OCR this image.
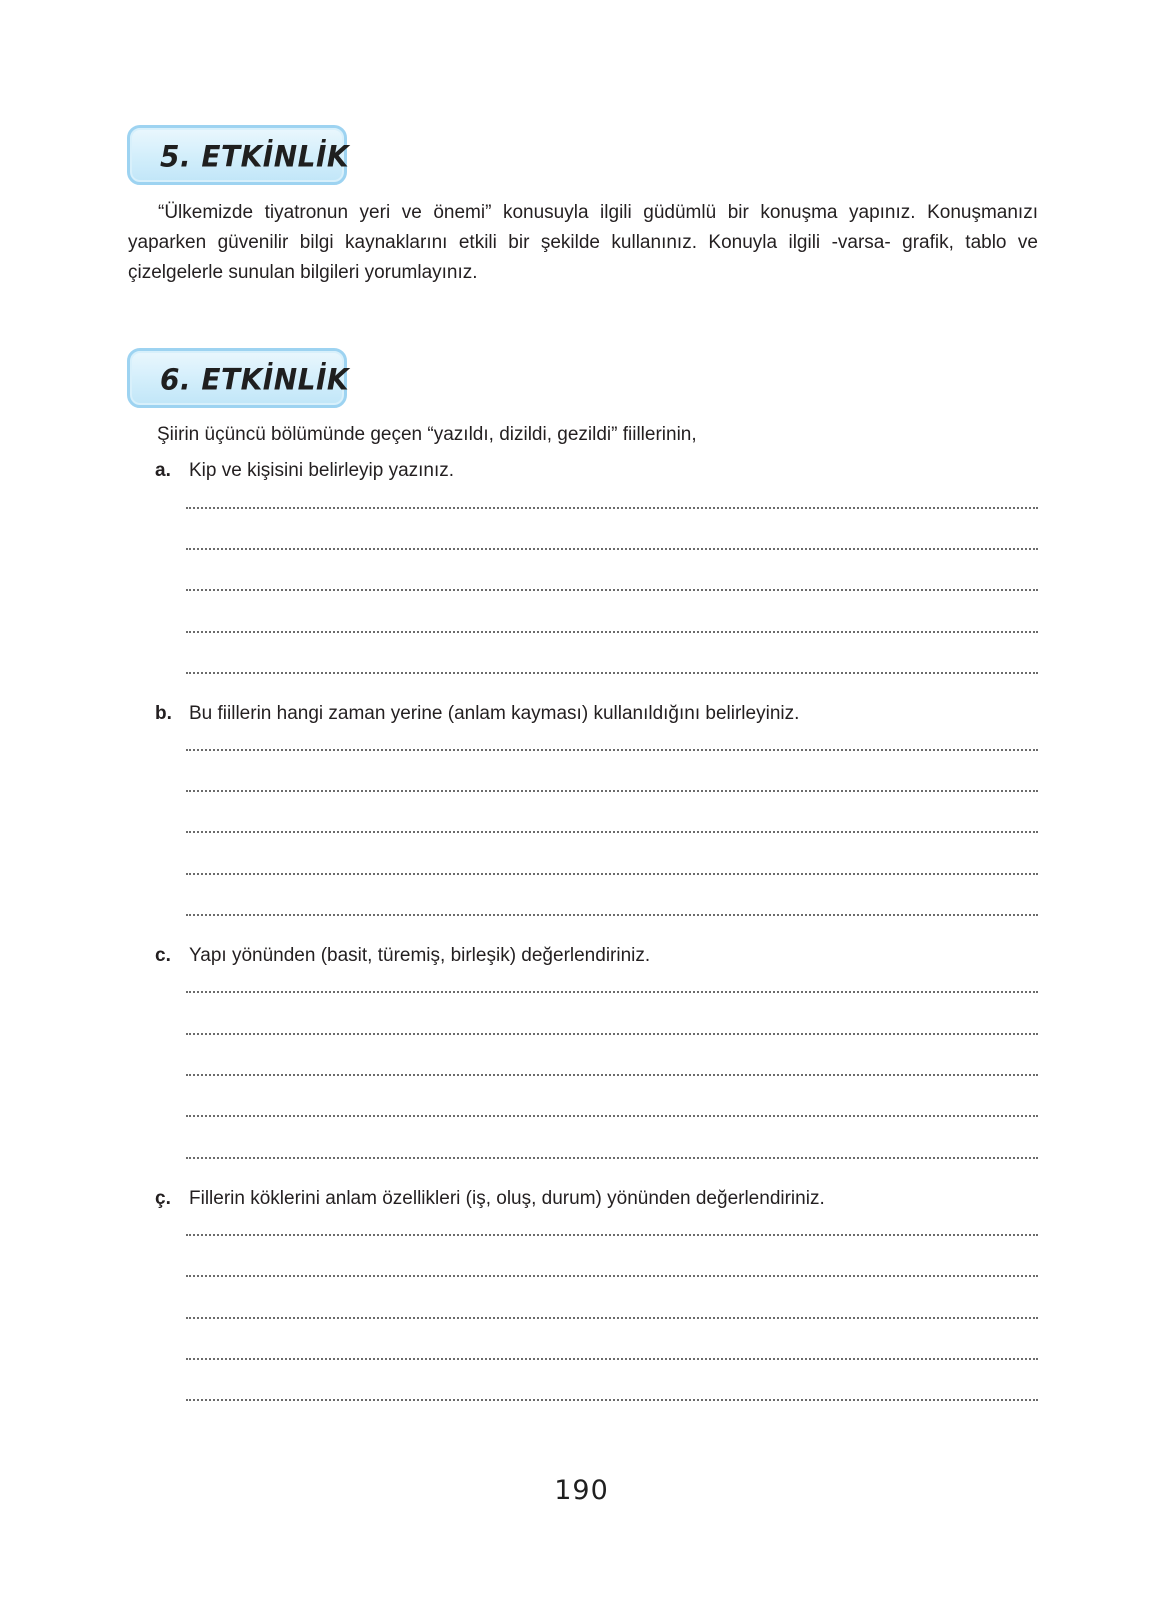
5. ETKİNLİK

“Ülkemizde tiyatronun yeri ve önemi” konusuyla ilgili güdümlü bir konuşma yapınız. Konuşmanızı yaparken güvenilir bilgi kaynaklarını etkili bir şekilde kullanınız. Konuyla ilgili -varsa- grafik, tablo ve çizelgelerle sunulan bilgileri yorumlayınız.

6. ETKİNLİK

Şiirin üçüncü bölümünde geçen “yazıldı, dizildi, gezildi” fiillerinin,

a. Kip ve kişisini belirleyip yazınız.
b. Bu fiillerin hangi zaman yerine (anlam kayması) kullanıldığını belirleyiniz.
c. Yapı yönünden (basit, türemiş, birleşik) değerlendiriniz.
ç. Fillerin köklerini anlam özellikleri (iş, oluş, durum) yönünden değerlendiriniz.
190
